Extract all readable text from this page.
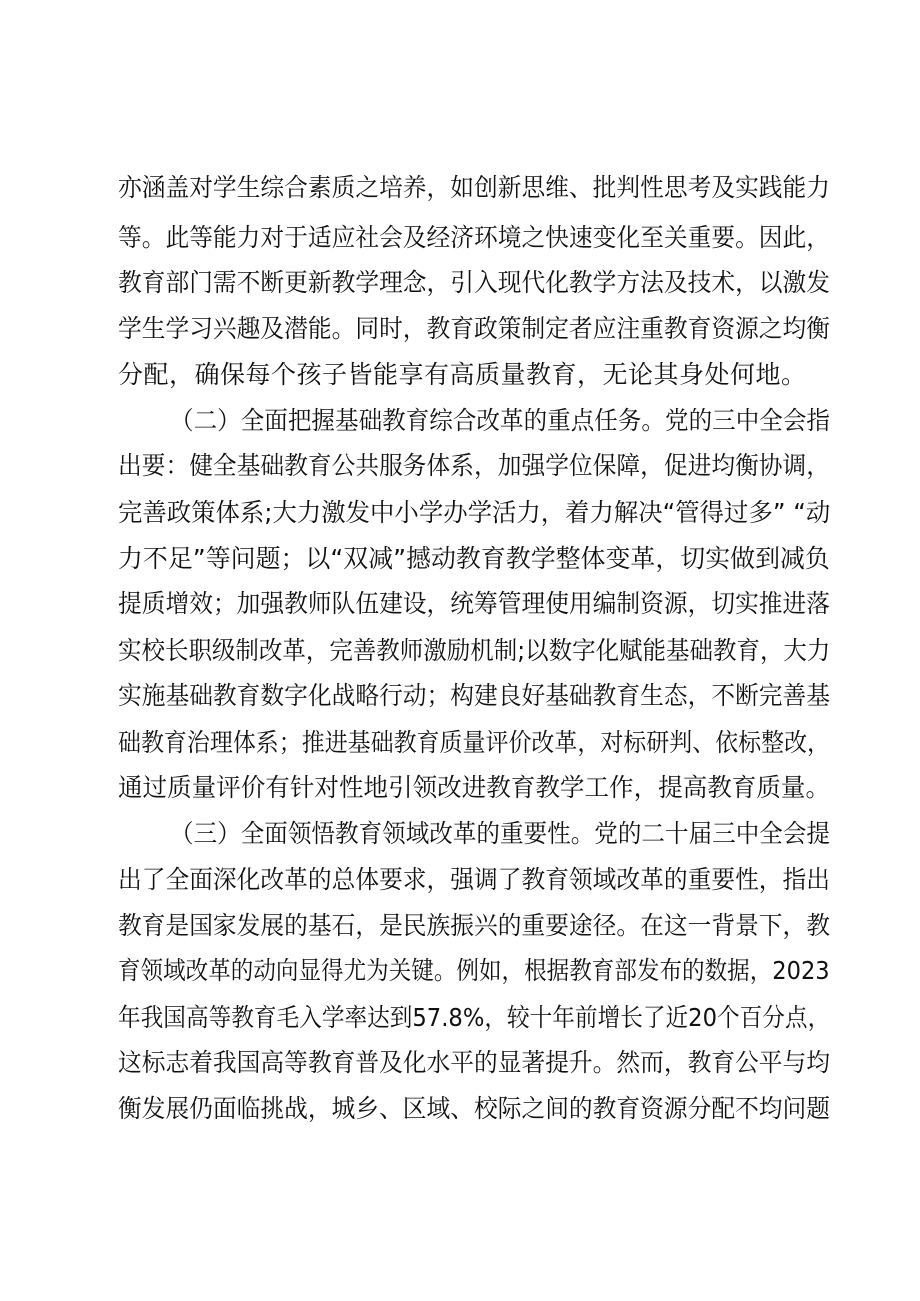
亦涵盖对学生综合素质之培养，如创新思维、批判性思考及实践能力
等。此等能力对于适应社会及经济环境之快速变化至关重要。因此，
教育部门需不断更新教学理念，引入现代化教学方法及技术，以激发
学生学习兴趣及潜能。同时，教育政策制定者应注重教育资源之均衡
分配，确保每个孩子皆能享有高质量教育，无论其身处何地。
（二）全面把握基础教育综合改革的重点任务。党的三中全会指
出要：健全基础教育公共服务体系，加强学位保障，促进均衡协调，
完善政策体系;大力激发中小学办学活力，着力解决“管得过多” “动
力不足”等问题；以“双减”撼动教育教学整体变革，切实做到减负
提质增效；加强教师队伍建设，统筹管理使用编制资源，切实推进落
实校长职级制改革，完善教师激励机制;以数字化赋能基础教育，大力
实施基础教育数字化战略行动；构建良好基础教育生态，不断完善基
础教育治理体系；推进基础教育质量评价改革，对标研判、依标整改，
通过质量评价有针对性地引领改进教育教学工作，提高教育质量。
（三）全面领悟教育领域改革的重要性。党的二十届三中全会提
出了全面深化改革的总体要求，强调了教育领域改革的重要性，指出
教育是国家发展的基石，是民族振兴的重要途径。在这一背景下，教
育领域改革的动向显得尤为关键。例如，根据教育部发布的数据，2023
年我国高等教育毛入学率达到57.8%，较十年前增长了近20个百分点，
这标志着我国高等教育普及化水平的显著提升。然而，教育公平与均
衡发展仍面临挑战，城乡、区域、校际之间的教育资源分配不均问题
